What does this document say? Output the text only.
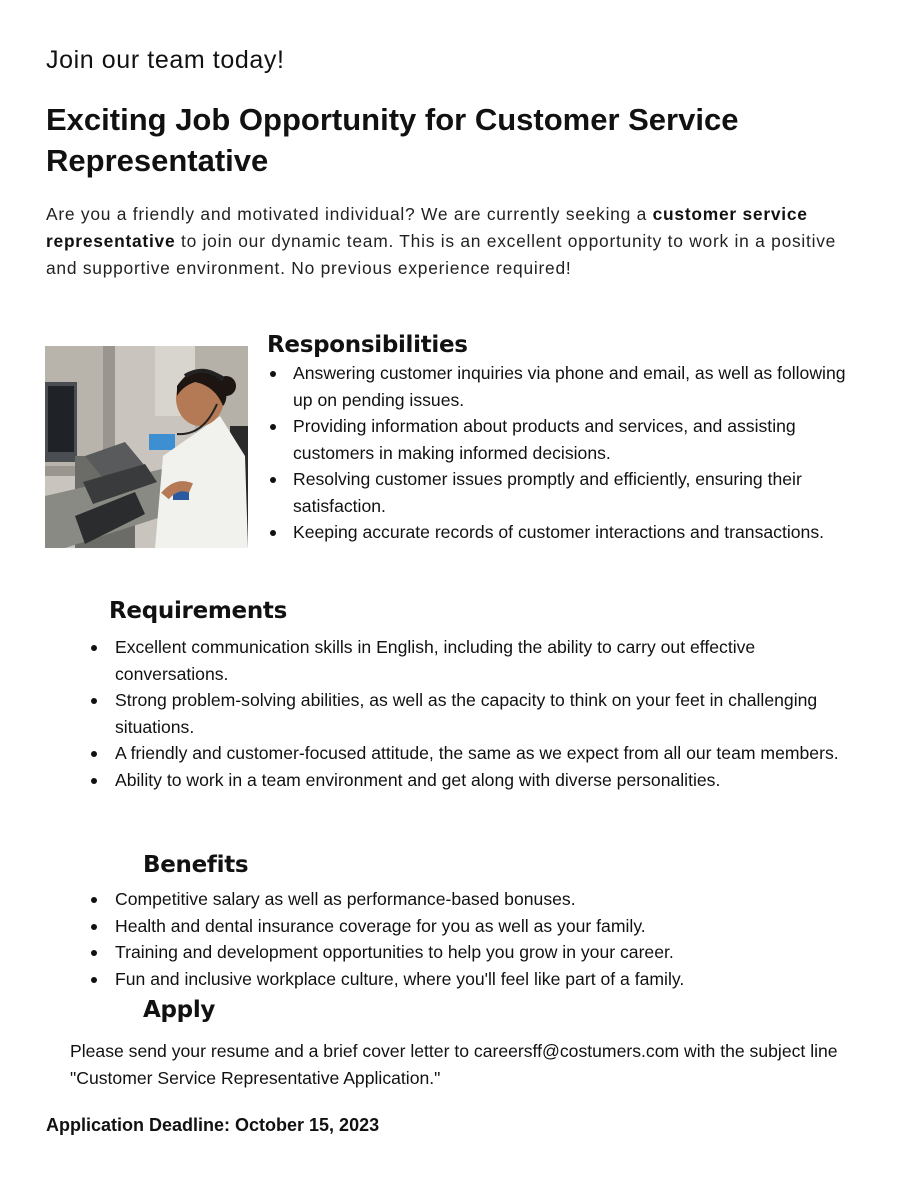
Join our team today!
Exciting Job Opportunity for Customer Service Representative

Are you a friendly and motivated individual? We are currently seeking a customer service representative to join our dynamic team. This is an excellent opportunity to work in a positive and supportive environment. No previous experience required!

Responsibilities
Answering customer inquiries via phone and email, as well as following up on pending issues.
Providing information about products and services, and assisting customers in making informed decisions.
Resolving customer issues promptly and efficiently, ensuring their satisfaction.
Keeping accurate records of customer interactions and transactions.
Requirements
Excellent communication skills in English, including the ability to carry out effective conversations.
Strong problem-solving abilities, as well as the capacity to think on your feet in challenging situations.
A friendly and customer-focused attitude, the same as we expect from all our team members.
Ability to work in a team environment and get along with diverse personalities.
Benefits
Competitive salary as well as performance-based bonuses.
Health and dental insurance coverage for you as well as your family.
Training and development opportunities to help you grow in your career.
Fun and inclusive workplace culture, where you'll feel like part of a family.
Apply

Please send your resume and a brief cover letter to careersff@costumers.com with the subject line "Customer Service Representative Application."

Application Deadline: October 15, 2023
